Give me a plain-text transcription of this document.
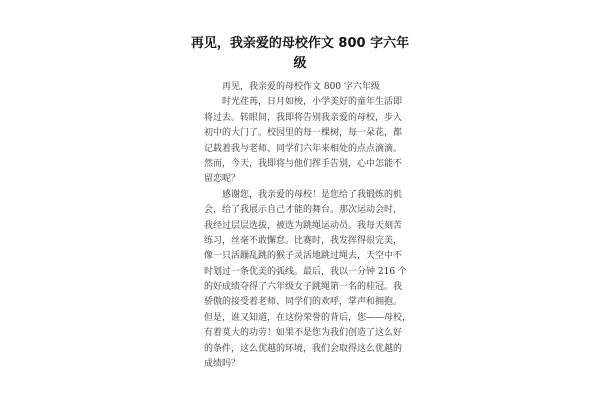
再见，我亲爱的母校作文 800 字六年
级
再见，我亲爱的母校作文 800 字六年级
时光荏苒，日月如梭，小学美好的童年生活即
将过去。转眼间，我即将告别我亲爱的母校，步入
初中的大门了。校园里的每一棵树，每一朵花，都
记载着我与老师、同学们六年来相处的点点滴滴。
然而，今天，我即将与他们挥手告别，心中怎能不
留恋呢？
感谢您，我亲爱的母校！是您给了我锻炼的机
会，给了我展示自己才能的舞台。那次运动会时，
我经过层层选拔，被选为跳绳运动员。我每天刻苦
练习，丝毫不敢懈怠。比赛时，我发挥得很完美，
像一只活蹦乱跳的猴子灵活地跳过绳去，天空中不
时划过一条优美的弧线。最后，我以一分钟 216 个
的好成绩夺得了六年级女子跳绳第一名的桂冠。我
骄傲的接受着老师、同学们的欢呼，掌声和拥抱。
但是，谁又知道，在这份荣誉的背后，您——母校，
有着莫大的功劳！如果不是您为我们创造了这么好
的条件，这么优越的环境，我们会取得这么优越的
成绩吗？
